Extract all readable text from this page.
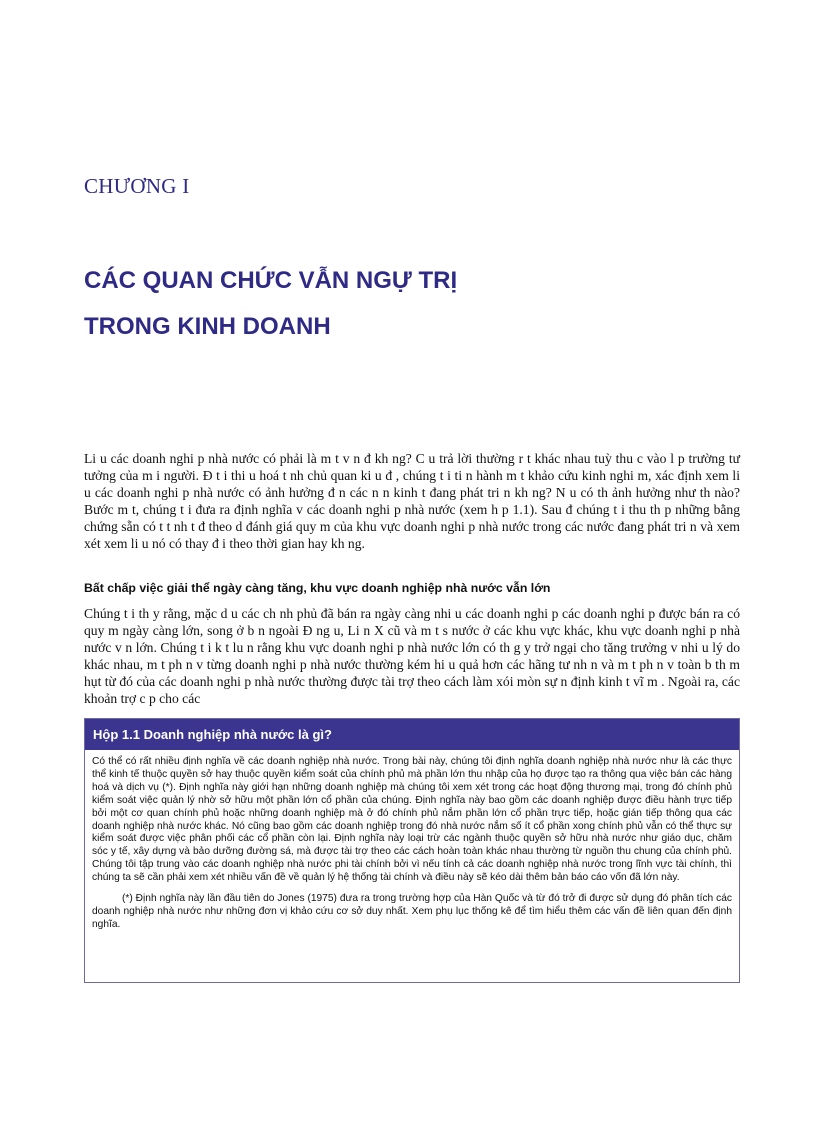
CHƯƠNG I
CÁC QUAN CHỨC VẪN NGỰ TRỊ
TRONG KINH DOANH

Li u các doanh nghi p nhà nước có phải là m t v n đ kh ng? C u trả lời thường r t khác nhau tuỳ thu c vào l p trường tư tưởng của m i người. Đ t i thi u hoá t nh chủ quan ki u đ , chúng t i ti n hành m t khảo cứu kinh nghi m, xác định xem li u các doanh nghi p nhà nước có ảnh hưởng đ n các n n kinh t đang phát tri n kh ng? N u có th ảnh hưởng như th nào? Bước m t, chúng t i đưa ra định nghĩa v các doanh nghi p nhà nước (xem h p 1.1). Sau đ chúng t i thu th p những bằng chứng sẵn có t t nh t đ theo d đánh giá quy m của khu vực doanh nghi p nhà nước trong các nước đang phát tri n và xem xét xem li u nó có thay đ i theo thời gian hay kh ng.

Bất chấp việc giải thể ngày càng tăng, khu vực doanh nghiệp nhà nước vẫn lớn

Chúng t i th y rằng, mặc d u các ch nh phủ đã bán ra ngày càng nhi u các doanh nghi p các doanh nghi p được bán ra có quy m ngày càng lớn, song ở b n ngoài Đ ng u, Li n X cũ và m t s nước ở các khu vực khác, khu vực doanh nghi p nhà nước v n lớn. Chúng t i k t lu n rằng khu vực doanh nghi p nhà nước lớn có th g y trở ngại cho tăng trưởng v nhi u lý do khác nhau, m t ph n v từng doanh nghi p nhà nước thường kém hi u quả hơn các hãng tư nh n và m t ph n v toàn b th m hụt từ đó của các doanh nghi p nhà nước thường được tài trợ theo cách làm xói mòn sự n định kinh t vĩ m . Ngoài ra, các khoản trợ c p cho các

Hộp 1.1 Doanh nghiệp nhà nước là gì?

Có thể có rất nhiều định nghĩa về các doanh nghiệp nhà nước. Trong bài này, chúng tôi định nghĩa doanh nghiệp nhà nước như là các thực thể kinh tế thuộc quyền sở hay thuộc quyền kiểm soát của chính phủ mà phần lớn thu nhập của họ được tạo ra thông qua việc bán các hàng hoá và dịch vụ (*). Định nghĩa này giới hạn những doanh nghiệp mà chúng tôi xem xét trong các hoạt động thương mại, trong đó chính phủ kiểm soát việc quản lý nhờ sở hữu một phần lớn cổ phần của chúng. Định nghĩa này bao gồm các doanh nghiệp được điều hành trực tiếp bởi một cơ quan chính phủ hoặc những doanh nghiệp mà ở đó chính phủ nắm phần lớn cổ phần trực tiếp, hoặc gián tiếp thông qua các doanh nghiệp nhà nước khác. Nó cũng bao gồm các doanh nghiệp trong đó nhà nước nắm số ít cổ phần xong chính phủ vẫn có thể thực sự kiểm soát được việc phân phối các cổ phần còn lại. Định nghĩa này loại trừ các ngành thuộc quyền sở hữu nhà nước như giáo dục, chăm sóc y tế, xây dựng và bảo dưỡng đường sá, mà được tài trợ theo các cách hoàn toàn khác nhau thường từ nguồn thu chung của chính phủ. Chúng tôi tập trung vào các doanh nghiệp nhà nước phi tài chính bởi vì nếu tính cả các doanh nghiệp nhà nước trong lĩnh vực tài chính, thì chúng ta sẽ cần phải xem xét nhiều vấn đề về quản lý hệ thống tài chính và điều này sẽ kéo dài thêm bản báo cáo vốn đã lớn này.

(*) Định nghĩa này lần đầu tiên do Jones (1975) đưa ra trong trường hợp của Hàn Quốc và từ đó trở đi được sử dụng đó phân tích các doanh nghiệp nhà nước như những đơn vị khảo cứu cơ sở duy nhất. Xem phụ lục thống kê để tìm hiểu thêm các vấn đề liên quan đến định nghĩa.
